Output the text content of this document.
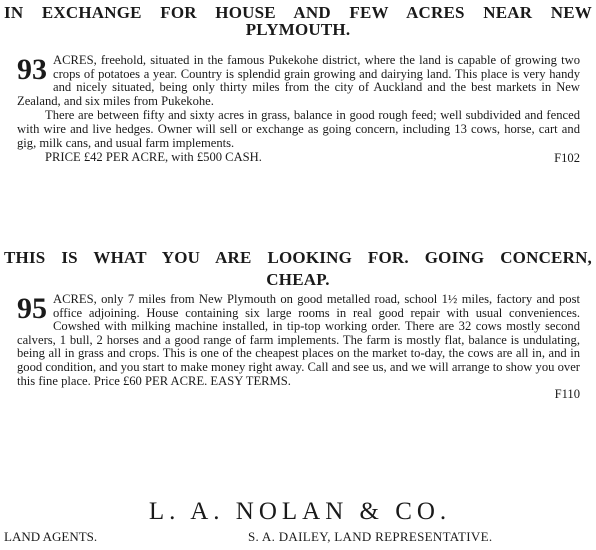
IN EXCHANGE FOR HOUSE AND FEW ACRES NEAR NEW
PLYMOUTH.
93 ACRES, freehold, situated in the famous Pukekohe district, where the land is capable of growing two crops of potatoes a year. Country is splendid grain growing and dairying land. This place is very handy and nicely situated, being only thirty miles from the city of Auckland and the best markets in New Zealand, and six miles from Pukekohe.
There are between fifty and sixty acres in grass, balance in good rough feed; well subdivided and fenced with wire and live hedges. Owner will sell or exchange as going concern, including 13 cows, horse, cart and gig, milk cans, and usual farm implements.
PRICE £42 PER ACRE, with £500 CASH.	F102
THIS IS WHAT YOU ARE LOOKING FOR. GOING CONCERN,
CHEAP.
95 ACRES, only 7 miles from New Plymouth on good metalled road, school 1½ miles, factory and post office adjoining. House containing six large rooms in real good repair with usual conveniences. Cowshed with milking machine installed, in tip-top working order. There are 32 cows mostly second calvers, 1 bull, 2 horses and a good range of farm implements. The farm is mostly flat, balance is undulating, being all in grass and crops. This is one of the cheapest places on the market to-day, the cows are all in, and in good condition, and you start to make money right away. Call and see us, and we will arrange to show you over this fine place. Price £60 PER ACRE. EASY TERMS.
F110
L. A. NOLAN & CO.
LAND AGENTS.	S. A. DAILEY, LAND REPRESENTATIVE.
